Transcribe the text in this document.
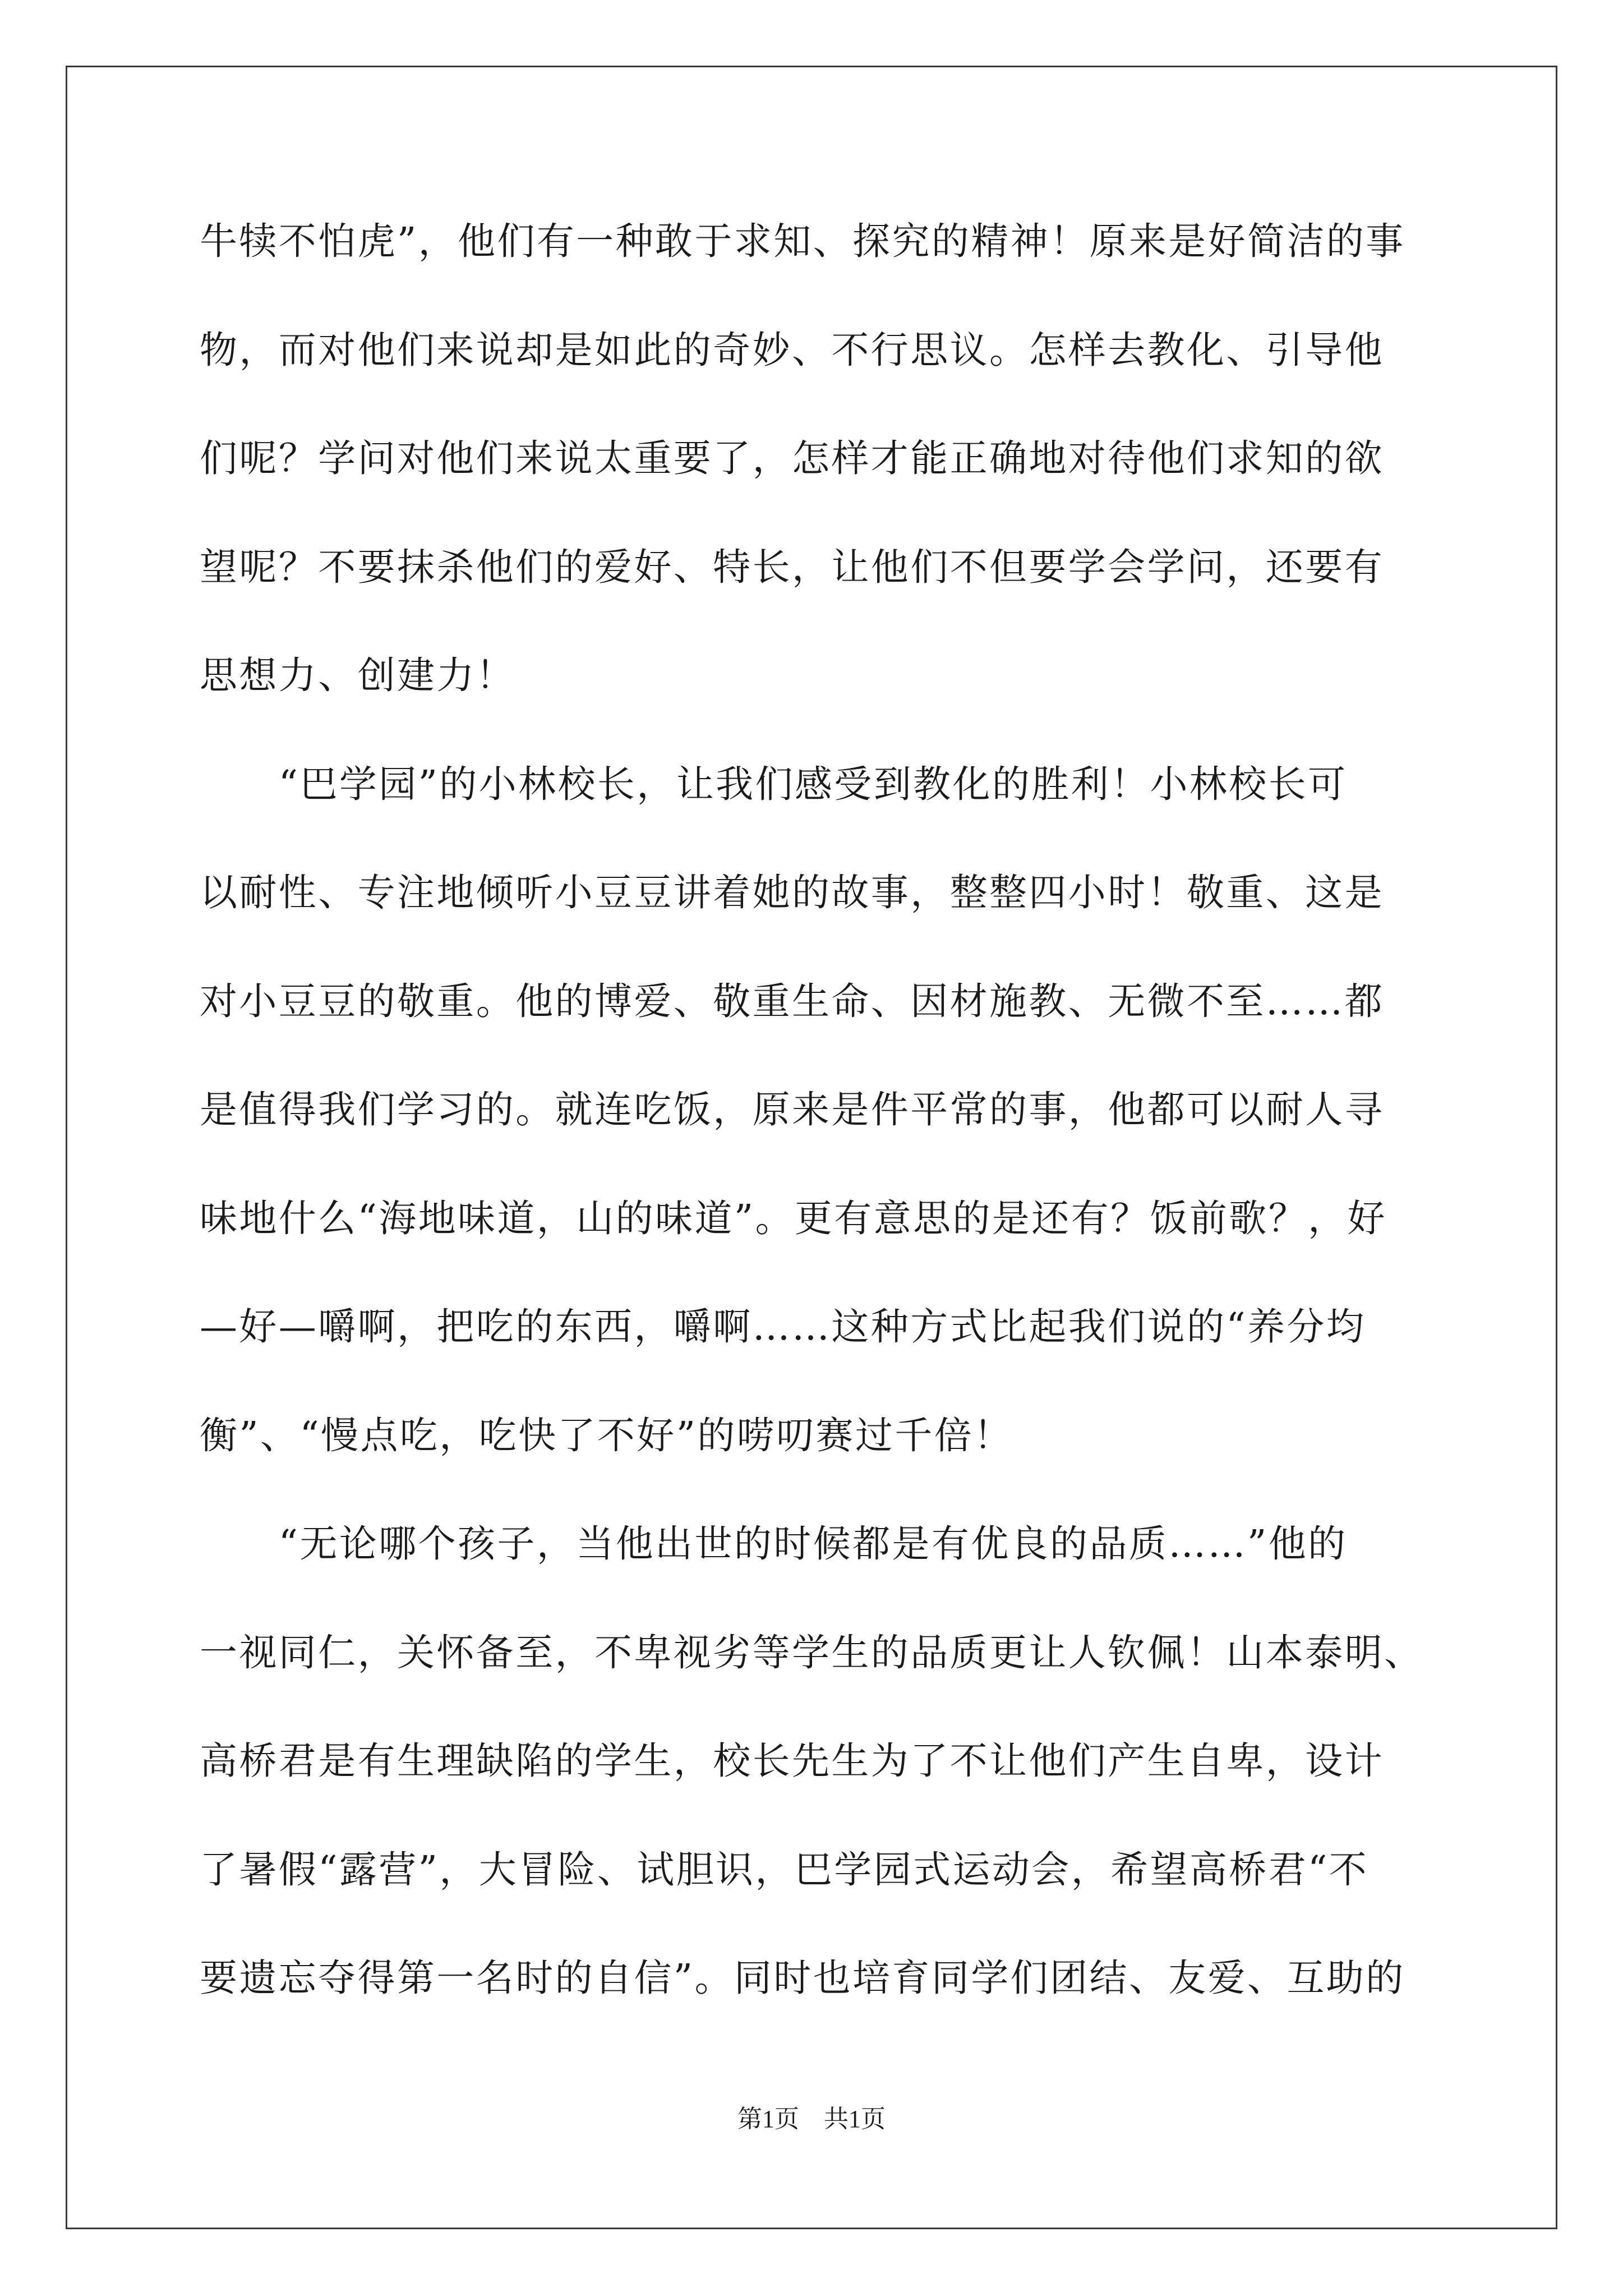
牛犊不怕虎”，他们有一种敢于求知、探究的精神！原来是好简洁的事
物，而对他们来说却是如此的奇妙、不行思议。怎样去教化、引导他
们呢？学问对他们来说太重要了，怎样才能正确地对待他们求知的欲
望呢？不要抹杀他们的爱好、特长，让他们不但要学会学问，还要有
思想力、创建力！
　　“巴学园”的小林校长，让我们感受到教化的胜利！小林校长可
以耐性、专注地倾听小豆豆讲着她的故事，整整四小时！敬重、这是
对小豆豆的敬重。他的博爱、敬重生命、因材施教、无微不至……都
是值得我们学习的。就连吃饭，原来是件平常的事，他都可以耐人寻
味地什么“海地味道，山的味道”。更有意思的是还有？饭前歌？，好
—好—嚼啊，把吃的东西，嚼啊……这种方式比起我们说的“养分均
衡”、“慢点吃，吃快了不好”的唠叨赛过千倍！
　　“无论哪个孩子，当他出世的时候都是有优良的品质……”他的
一视同仁，关怀备至，不卑视劣等学生的品质更让人钦佩！山本泰明、
高桥君是有生理缺陷的学生，校长先生为了不让他们产生自卑，设计
了暑假“露营”，大冒险、试胆识，巴学园式运动会，希望高桥君“不
要遗忘夺得第一名时的自信”。同时也培育同学们团结、友爱、互助的
第1页　共1页
